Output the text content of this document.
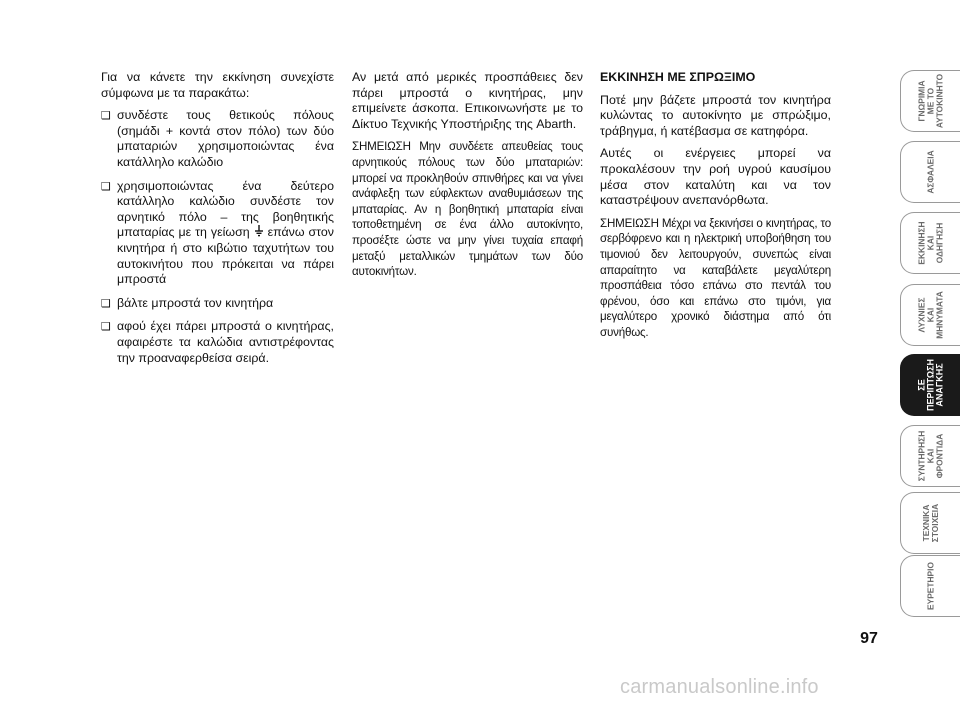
Για να κάνετε την εκκίνηση συνεχίστε σύμφωνα με τα παρακάτω:

❑ συνδέστε τους θετικούς πόλους (σημάδι + κοντά στον πόλο) των δύο μπαταριών χρησιμοποιώντας ένα κατάλληλο καλώδιο
❑ χρησιμοποιώντας ένα δεύτερο κατάλληλο καλώδιο συνδέστε τον αρνητικό πόλο – της βοηθητικής μπαταρίας με τη γείωση επάνω στον κινητήρα ή στο κιβώτιο ταχυτήτων του αυτοκινήτου που πρόκειται να πάρει μπροστά
❑ βάλτε μπροστά τον κινητήρα
❑ αφού έχει πάρει μπροστά ο κινητήρας, αφαιρέστε τα καλώδια αντιστρέφοντας την προαναφερθείσα σειρά.

Αν μετά από μερικές προσπάθειες δεν πάρει μπροστά ο κινητήρας, μην επιμείνετε άσκοπα. Επικοινωνήστε με το Δίκτυο Τεχνικής Υποστήριξης της Abarth.

ΣΗΜΕΙΩΣΗ Μην συνδέετε απευθείας τους αρνητικούς πόλους των δύο μπαταριών: μπορεί να προκληθούν σπινθήρες και να γίνει ανάφλεξη των εύφλεκτων αναθυμιάσεων της μπαταρίας. Αν η βοηθητική μπαταρία είναι τοποθετημένη σε ένα άλλο αυτοκίνητο, προσέξτε ώστε να μην γίνει τυχαία επαφή μεταξύ μεταλλικών τμημάτων των δύο αυτοκινήτων.

ΕΚΚΙΝΗΣΗ ΜΕ ΣΠΡΩΞΙΜΟ

Ποτέ μην βάζετε μπροστά τον κινητήρα κυλώντας το αυτοκίνητο με σπρώξιμο, τράβηγμα, ή κατέβασμα σε κατηφόρα.

Αυτές οι ενέργειες μπορεί να προκαλέσουν την ροή υγρού καυσίμου μέσα στον καταλύτη και να τον καταστρέψουν ανεπανόρθωτα.

ΣΗΜΕΙΩΣΗ Μέχρι να ξεκινήσει ο κινητήρας, το σερβόφρενο και η ηλεκτρική υποβοήθηση του τιμονιού δεν λειτουργούν, συνεπώς είναι απαραίτητο να καταβάλετε μεγαλύτερη προσπάθεια τόσο επάνω στο πεντάλ του φρένου, όσο και επάνω στο τιμόνι, για μεγαλύτερο χρονικό διάστημα από ότι συνήθως.

ΓΝΩΡΙΜΙΑ
ΜΕ ΤΟ
ΑΥΤΟΚΙΝΗΤΟ
ΑΣΦΑΛΕΙΑ
ΕΚΚΙΝΗΣΗ
ΚΑΙ
ΟΔΗΓΗΣΗ
ΛΥΧΝΙΕΣ
ΚΑΙ
ΜΗΝΥΜΑΤΑ
ΣΕ
ΠΕΡΙΠΤΩΣΗ
ΑΝΑΓΚΗΣ
ΣΥΝΤΗΡΗΣΗ
ΚΑΙ
ΦΡΟΝΤΙΔΑ
ΤΕΧΝΙΚΑ
ΣΤΟΙΧΕΙΑ
ΕΥΡΕΤΗΡΙΟ
97
carmanualsonline.info
